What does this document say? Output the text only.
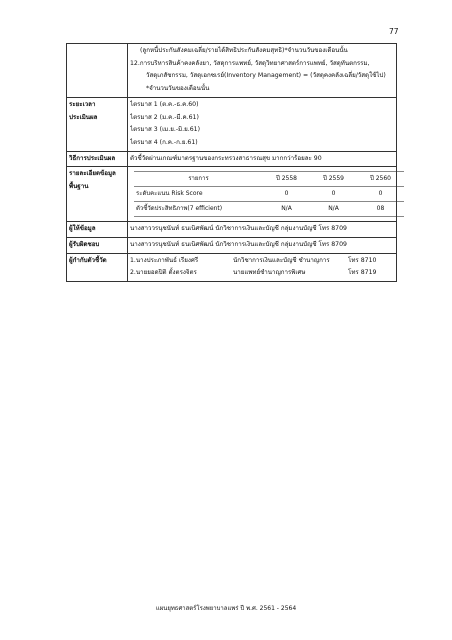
77

(ลูกหนี้ประกันสังคมเฉลี่ย/รายได้สิทธิประกันสังคมสุทธิ)*จำนวนวันของเดือนนั้น
12.การบริหารสินค้าคงคลังยา, วัสดุการแพทย์, วัสดุวิทยาศาสตร์การแพทย์, วัสดุทันตกรรม,
วัสดุเภสัชกรรม, วัสดุเอกซเรย์(Inventory Management) = (วัสดุคงคลังเฉลี่ย/วัสดุใช้ไป)
*จำนวนวันของเดือนนั้น

ระยะเวลา
ประเมินผล

ไตรมาส 1 (ต.ค.-ธ.ค.60)
ไตรมาส 2 (ม.ค.-มี.ค.61)
ไตรมาส 3 (เม.ย.-มิ.ย.61)
ไตรมาส 4 (ก.ค.-ก.ย.61)

วิธีการประเมินผล	ตัวชี้วัดผ่านเกณฑ์มาตรฐานของกระทรวงสาธารณสุข มากกว่าร้อยละ 90

รายละเอียดข้อมูล
พื้นฐาน

รายการ	ปี 2558	ปี 2559	ปี 2560
ระดับคะแนน Risk Score	0	0	0
ตัวชี้วัดประสิทธิภาพ(7 efficient)	N/A	N/A	08

ผู้ให้ข้อมูล	นางสาววรนุชนันท์ ธนเนิศพัฒน์ นักวิชาการเงินและบัญชี กลุ่มงานบัญชี โทร 8709

ผู้รับผิดชอบ	นางสาววรนุชนันท์ ธนเนิศพัฒน์ นักวิชาการเงินและบัญชี กลุ่มงานบัญชี โทร 8709

ผู้กำกับตัวชี้วัด	1.นางประภาพันธ์ เรียงศรี	นักวิชาการเงินและบัญชี ชำนาญการ	โทร 8710
2.นายยอดปิติ ตั้งตรงจิตร	นายแพทย์ชำนาญการพิเศษ	โทร 8719
แผนยุทธศาสตร์โรงพยาบาลแพร่ ปี พ.ศ. 2561 - 2564
